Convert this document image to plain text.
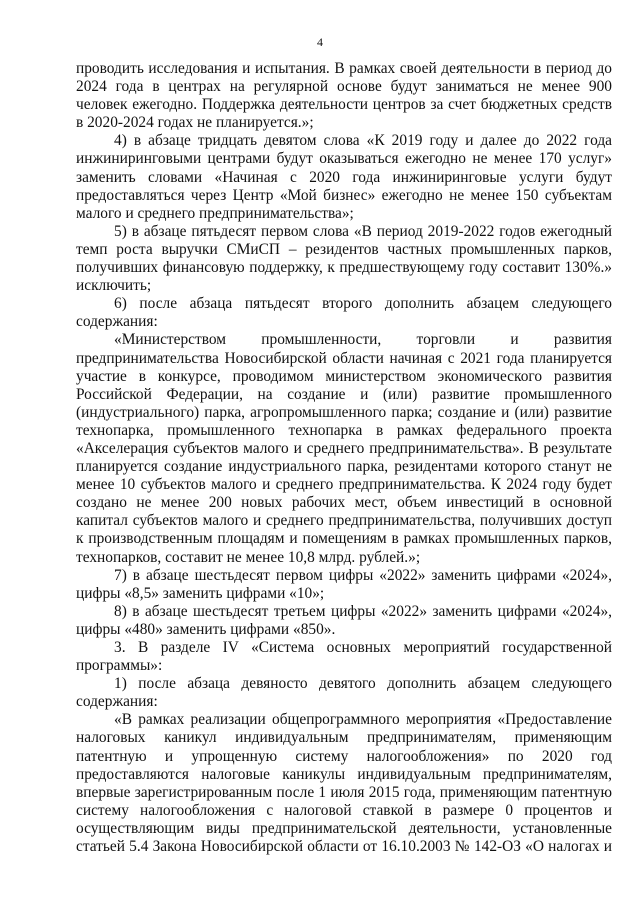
4

проводить исследования и испытания. В рамках своей деятельности в период до 2024 года в центрах на регулярной основе будут заниматься не менее 900 человек ежегодно. Поддержка деятельности центров за счет бюджетных средств в 2020-2024 годах не планируется.»;

4) в абзаце тридцать девятом слова «К 2019 году и далее до 2022 года инжиниринговыми центрами будут оказываться ежегодно не менее 170 услуг» заменить словами «Начиная с 2020 года инжиниринговые услуги будут предоставляться через Центр «Мой бизнес» ежегодно не менее 150 субъектам малого и среднего предпринимательства»;

5) в абзаце пятьдесят первом слова «В период 2019-2022 годов ежегодный темп роста выручки СМиСП – резидентов частных промышленных парков, получивших финансовую поддержку, к предшествующему году составит 130%.» исключить;

6) после абзаца пятьдесят второго дополнить абзацем следующего содержания:

«Министерством промышленности, торговли и развития предпринимательства Новосибирской области начиная с 2021 года планируется участие в конкурсе, проводимом министерством экономического развития Российской Федерации, на создание и (или) развитие промышленного (индустриального) парка, агропромышленного парка; создание и (или) развитие технопарка, промышленного технопарка в рамках федерального проекта «Акселерация субъектов малого и среднего предпринимательства». В результате планируется создание индустриального парка, резидентами которого станут не менее 10 субъектов малого и среднего предпринимательства. К 2024 году будет создано не менее 200 новых рабочих мест, объем инвестиций в основной капитал субъектов малого и среднего предпринимательства, получивших доступ к производственным площадям и помещениям в рамках промышленных парков, технопарков, составит не менее 10,8 млрд. рублей.»;

7) в абзаце шестьдесят первом цифры «2022» заменить цифрами «2024», цифры «8,5» заменить цифрами «10»;

8) в абзаце шестьдесят третьем цифры «2022» заменить цифрами «2024», цифры «480» заменить цифрами «850».

3. В разделе IV «Система основных мероприятий государственной программы»:

1) после абзаца девяносто девятого дополнить абзацем следующего содержания:

«В рамках реализации общепрограммного мероприятия «Предоставление налоговых каникул индивидуальным предпринимателям, применяющим патентную и упрощенную систему налогообложения» по 2020 год предоставляются налоговые каникулы индивидуальным предпринимателям, впервые зарегистрированным после 1 июля 2015 года, применяющим патентную систему налогообложения с налоговой ставкой в размере 0 процентов и осуществляющим виды предпринимательской деятельности, установленные статьей 5.4 Закона Новосибирской области от 16.10.2003 № 142-ОЗ «О налогах и
